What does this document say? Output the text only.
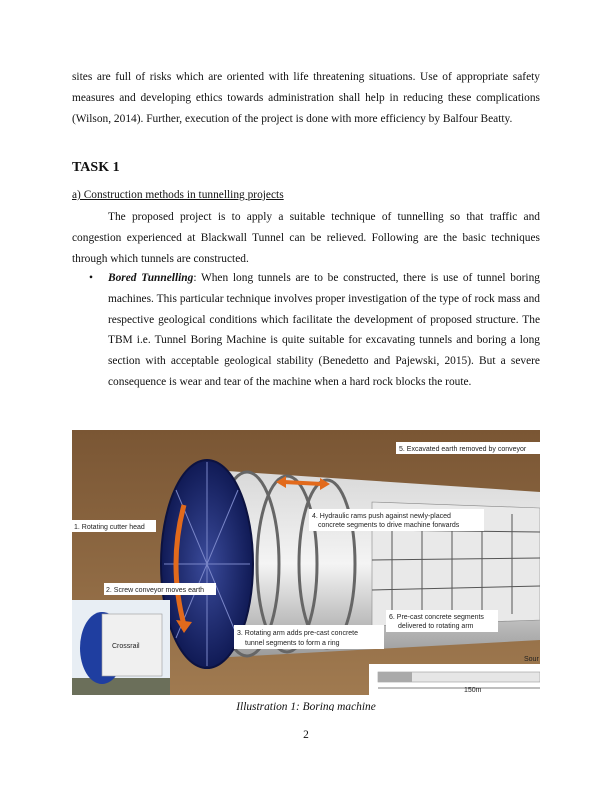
sites are full of risks which are oriented with life threatening situations. Use of appropriate safety measures and developing ethics towards administration shall help in reducing these complications (Wilson, 2014). Further, execution of the project is done with more efficiency by Balfour Beatty.

TASK 1

a) Construction methods in tunnelling projects

The proposed project is to apply a suitable technique of tunnelling so that traffic and congestion experienced at Blackwall Tunnel can be relieved. Following are the basic techniques through which tunnels are constructed.

• Bored Tunnelling: When long tunnels are to be constructed, there is use of tunnel boring machines. This particular technique involves proper investigation of the type of rock mass and respective geological conditions which facilitate the development of proposed structure. The TBM i.e. Tunnel Boring Machine is quite suitable for excavating tunnels and boring a long section with acceptable geological stability (Benedetto and Pajewski, 2015). But a severe consequence is wear and tear of the machine when a hard rock blocks the route.
Crossrail
1. Rotating cutter head
2. Screw conveyor moves earth
3. Rotating arm adds pre-cast concrete
tunnel segments to form a ring
4. Hydraulic rams push against newly-placed
concrete segments to drive machine forwards
5. Excavated earth removed by conveyor
6. Pre-cast concrete segments
delivered to rotating arm
Sour
150m

Illustration 1: Boring machine

2
